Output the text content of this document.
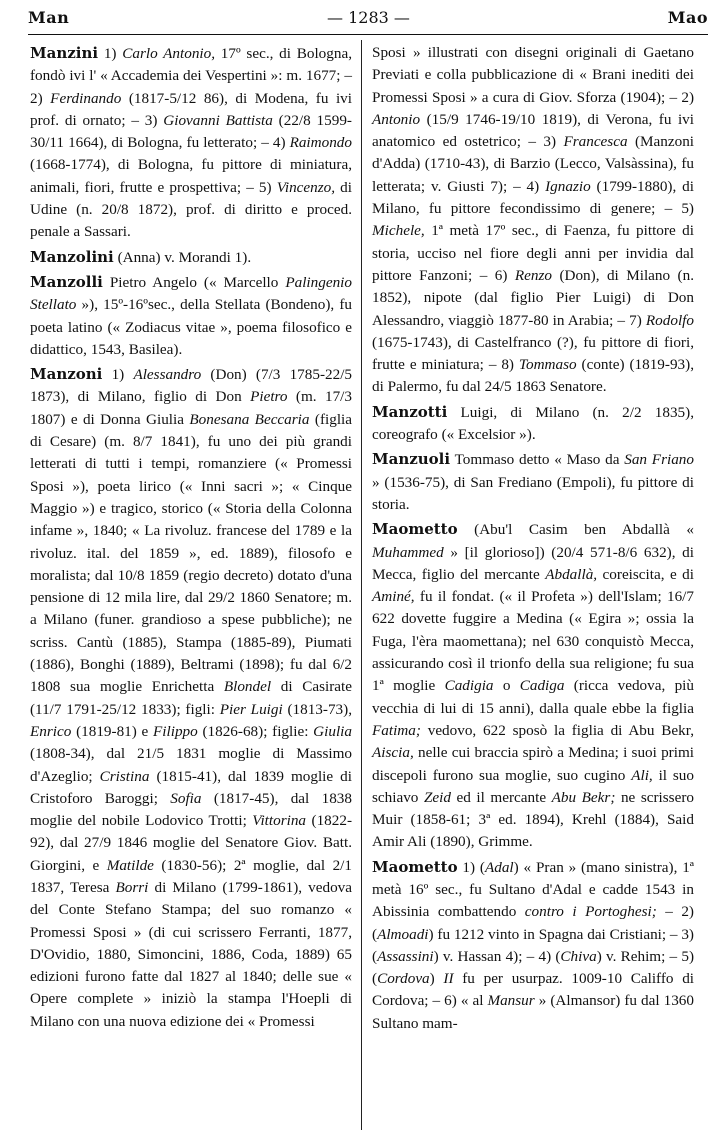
Man	— 1283 —	Mao

Manzini 1) Carlo Antonio, 17º sec., di Bologna, fondò ivi l' « Accademia dei Vespertini »: m. 1677; – 2) Ferdinando (1817-5/12 86), di Modena, fu ivi prof. di ornato; – 3) Giovanni Battista (22/8 1599-30/11 1664), di Bologna, fu letterato; – 4) Raimondo (1668-1774), di Bologna, fu pittore di miniatura, animali, fiori, frutte e prospettiva; – 5) Vincenzo, di Udine (n. 20/8 1872), prof. di diritto e proced. penale a Sassari.

Manzolini (Anna) v. Morandi 1).

Manzolli Pietro Angelo (« Marcello Palingenio Stellato »), 15º-16ºsec., della Stellata (Bondeno), fu poeta latino (« Zodiacus vitae », poema filosofico e didattico, 1543, Basilea).

Manzoni 1) Alessandro (Don) (7/3 1785-22/5 1873), di Milano, figlio di Don Pietro (m. 17/3 1807) e di Donna Giulia Bonesana Beccaria (figlia di Cesare) (m. 8/7 1841), fu uno dei più grandi letterati di tutti i tempi, romanziere (« Promessi Sposi »), poeta lirico (« Inni sacri »; « Cinque Maggio ») e tragico, storico (« Storia della Colonna infame », 1840; « La rivoluz. francese del 1789 e la rivoluz. ital. del 1859 », ed. 1889), filosofo e moralista; dal 10/8 1859 (regio decreto) dotato d'una pensione di 12 mila lire, dal 29/2 1860 Senatore; m. a Milano (funer. grandioso a spese pubbliche); ne scriss. Cantù (1885), Stampa (1885-89), Piumati (1886), Bonghi (1889), Beltrami (1898); fu dal 6/2 1808 sua moglie Enrichetta Blondel di Casirate (11/7 1791-25/12 1833); figli: Pier Luigi (1813-73), Enrico (1819-81) e Filippo (1826-68); figlie: Giulia (1808-34), dal 21/5 1831 moglie di Massimo d'Azeglio; Cristina (1815-41), dal 1839 moglie di Cristoforo Baroggi; Sofia (1817-45), dal 1838 moglie del nobile Lodovico Trotti; Vittorina (1822-92), dal 27/9 1846 moglie del Senatore Giov. Batt. Giorgini, e Matilde (1830-56); 2ª moglie, dal 2/1 1837, Teresa Borri di Milano (1799-1861), vedova del Conte Stefano Stampa; del suo romanzo « Promessi Sposi » (di cui scrissero Ferranti, 1877, D'Ovidio, 1880, Simoncini, 1886, Coda, 1889) 65 edizioni furono fatte dal 1827 al 1840; delle sue « Opere complete » iniziò la stampa l'Hoepli di Milano con una nuova edizione dei « Promessi

Sposi » illustrati con disegni originali di Gaetano Previati e colla pubblicazione di « Brani inediti dei Promessi Sposi » a cura di Giov. Sforza (1904); – 2) Antonio (15/9 1746-19/10 1819), di Verona, fu ivi anatomico ed ostetrico; – 3) Francesca (Manzoni d'Adda) (1710-43), di Barzio (Lecco, Valsàssina), fu letterata; v. Giusti 7); – 4) Ignazio (1799-1880), di Milano, fu pittore fecondissimo di genere; – 5) Michele, 1ª metà 17º sec., di Faenza, fu pittore di storia, ucciso nel fiore degli anni per invidia dal pittore Fanzoni; – 6) Renzo (Don), di Milano (n. 1852), nipote (dal figlio Pier Luigi) di Don Alessandro, viaggiò 1877-80 in Arabia; – 7) Rodolfo (1675-1743), di Castelfranco (?), fu pittore di fiori, frutte e miniatura; – 8) Tommaso (conte) (1819-93), di Palermo, fu dal 24/5 1863 Senatore.

Manzotti Luigi, di Milano (n. 2/2 1835), coreografo (« Excelsior »).

Manzuoli Tommaso detto « Maso da San Friano » (1536-75), di San Frediano (Empoli), fu pittore di storia.

Maometto (Abu'l Casim ben Abdallà « Muhammed » [il glorioso]) (20/4 571-8/6 632), di Mecca, figlio del mercante Abdallà, coreiscita, e di Aminé, fu il fondat. (« il Profeta ») dell'Islam; 16/7 622 dovette fuggire a Medina (« Egira »; ossia la Fuga, l'èra maomettana); nel 630 conquistò Mecca, assicurando così il trionfo della sua religione; fu sua 1ª moglie Cadigia o Cadiga (ricca vedova, più vecchia di lui di 15 anni), dalla quale ebbe la figlia Fatima; vedovo, 622 sposò la figlia di Abu Bekr, Aiscia, nelle cui braccia spirò a Medina; i suoi primi discepoli furono sua moglie, suo cugino Ali, il suo schiavo Zeid ed il mercante Abu Bekr; ne scrissero Muir (1858-61; 3ª ed. 1894), Krehl (1884), Said Amir Ali (1890), Grimme.

Maometto 1) (Adal) « Pran » (mano sinistra), 1ª metà 16º sec., fu Sultano d'Adal e cadde 1543 in Abissinia combattendo contro i Portoghesi; – 2) (Almoadi) fu 1212 vinto in Spagna dai Cristiani; – 3) (Assassini) v. Hassan 4); – 4) (Chiva) v. Rehim; – 5) (Cordova) II fu per usurpaz. 1009-10 Califfo di Cordova; – 6) « al Mansur » (Almansor) fu dal 1360 Sultano mam-
